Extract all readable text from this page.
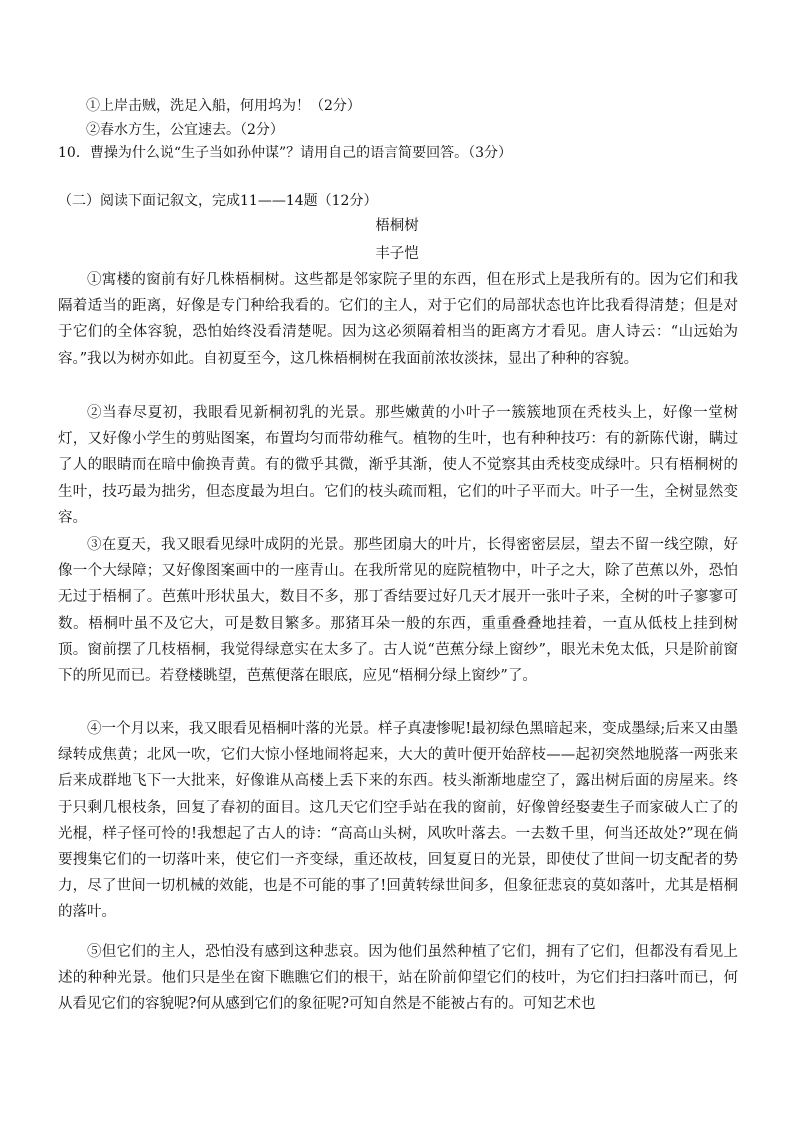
①上岸击贼，洗足入船，何用坞为！（2分）
②春水方生，公宜速去。（2分）
10．曹操为什么说“生子当如孙仲谋”？请用自己的语言简要回答。（3分）
（二）阅读下面记叙文，完成11——14题（12分）
梧桐树
丰子恺

①寓楼的窗前有好几株梧桐树。这些都是邻家院子里的东西，但在形式上是我所有的。因为它们和我隔着适当的距离，好像是专门种给我看的。它们的主人，对于它们的局部状态也许比我看得清楚；但是对于它们的全体容貌，恐怕始终没看清楚呢。因为这必须隔着相当的距离方才看见。唐人诗云：“山远始为容。”我以为树亦如此。自初夏至今，这几株梧桐树在我面前浓妆淡抹，显出了种种的容貌。

②当春尽夏初，我眼看见新桐初乳的光景。那些嫩黄的小叶子一簇簇地顶在秃枝头上，好像一堂树灯，又好像小学生的剪贴图案，布置均匀而带幼稚气。植物的生叶，也有种种技巧：有的新陈代谢，瞒过了人的眼睛而在暗中偷换青黄。有的微乎其微，渐乎其渐，使人不觉察其由秃枝变成绿叶。只有梧桐树的生叶，技巧最为拙劣，但态度最为坦白。它们的枝头疏而粗，它们的叶子平而大。叶子一生，全树显然变容。

③在夏天，我又眼看见绿叶成阴的光景。那些团扇大的叶片，长得密密层层，望去不留一线空隙，好像一个大绿障；又好像图案画中的一座青山。在我所常见的庭院植物中，叶子之大，除了芭蕉以外，恐怕无过于梧桐了。芭蕉叶形状虽大，数目不多，那丁香结要过好几天才展开一张叶子来，全树的叶子寥寥可数。梧桐叶虽不及它大，可是数目繁多。那猪耳朵一般的东西，重重叠叠地挂着，一直从低枝上挂到树顶。窗前摆了几枝梧桐，我觉得绿意实在太多了。古人说“芭蕉分绿上窗纱”，眼光未免太低，只是阶前窗下的所见而已。若登楼眺望，芭蕉便落在眼底，应见“梧桐分绿上窗纱”了。

④一个月以来，我又眼看见梧桐叶落的光景。样子真凄惨呢!最初绿色黑暗起来，变成墨绿;后来又由墨绿转成焦黄；北风一吹，它们大惊小怪地闹将起来，大大的黄叶便开始辞枝——起初突然地脱落一两张来 后来成群地飞下一大批来，好像谁从高楼上丢下来的东西。枝头渐渐地虚空了，露出树后面的房屋来。终于只剩几根枝条，回复了春初的面目。这几天它们空手站在我的窗前，好像曾经娶妻生子而家破人亡了的光棍，样子怪可怜的!我想起了古人的诗：“高高山头树，风吹叶落去。一去数千里，何当还故处?”现在倘要搜集它们的一切落叶来，使它们一齐变绿，重还故枝，回复夏日的光景，即使仗了世间一切支配者的势力，尽了世间一切机械的效能，也是不可能的事了!回黄转绿世间多，但象征悲哀的莫如落叶，尤其是梧桐的落叶。

⑤但它们的主人，恐怕没有感到这种悲哀。因为他们虽然种植了它们，拥有了它们，但都没有看见上述的种种光景。他们只是坐在窗下瞧瞧它们的根干，站在阶前仰望它们的枝叶，为它们扫扫落叶而已，何从看见它们的容貌呢?何从感到它们的象征呢?可知自然是不能被占有的。可知艺术也
